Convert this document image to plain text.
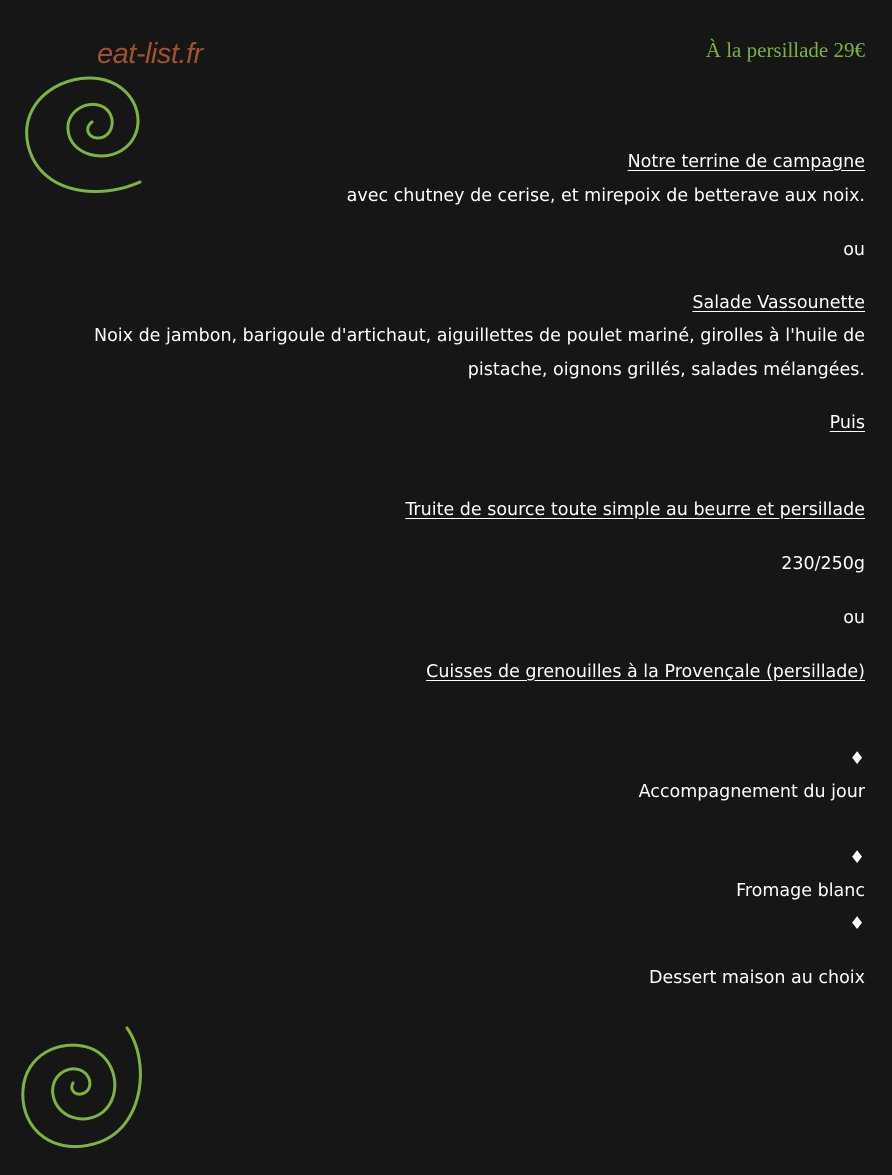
eat-list.fr	À la persillade 29€
Notre terrine de campagne
avec chutney de cerise, et mirepoix de betterave aux noix.
ou
Salade Vassounette
Noix de jambon, barigoule d'artichaut, aiguillettes de poulet mariné, girolles à l'huile de pistache, oignons grillés, salades mélangées.
Puis
Truite de source toute simple au beurre et persillade
230/250g
ou
Cuisses de grenouilles à la Provençale (persillade)
♦
Accompagnement du jour
♦
Fromage blanc
♦
Dessert maison au choix
